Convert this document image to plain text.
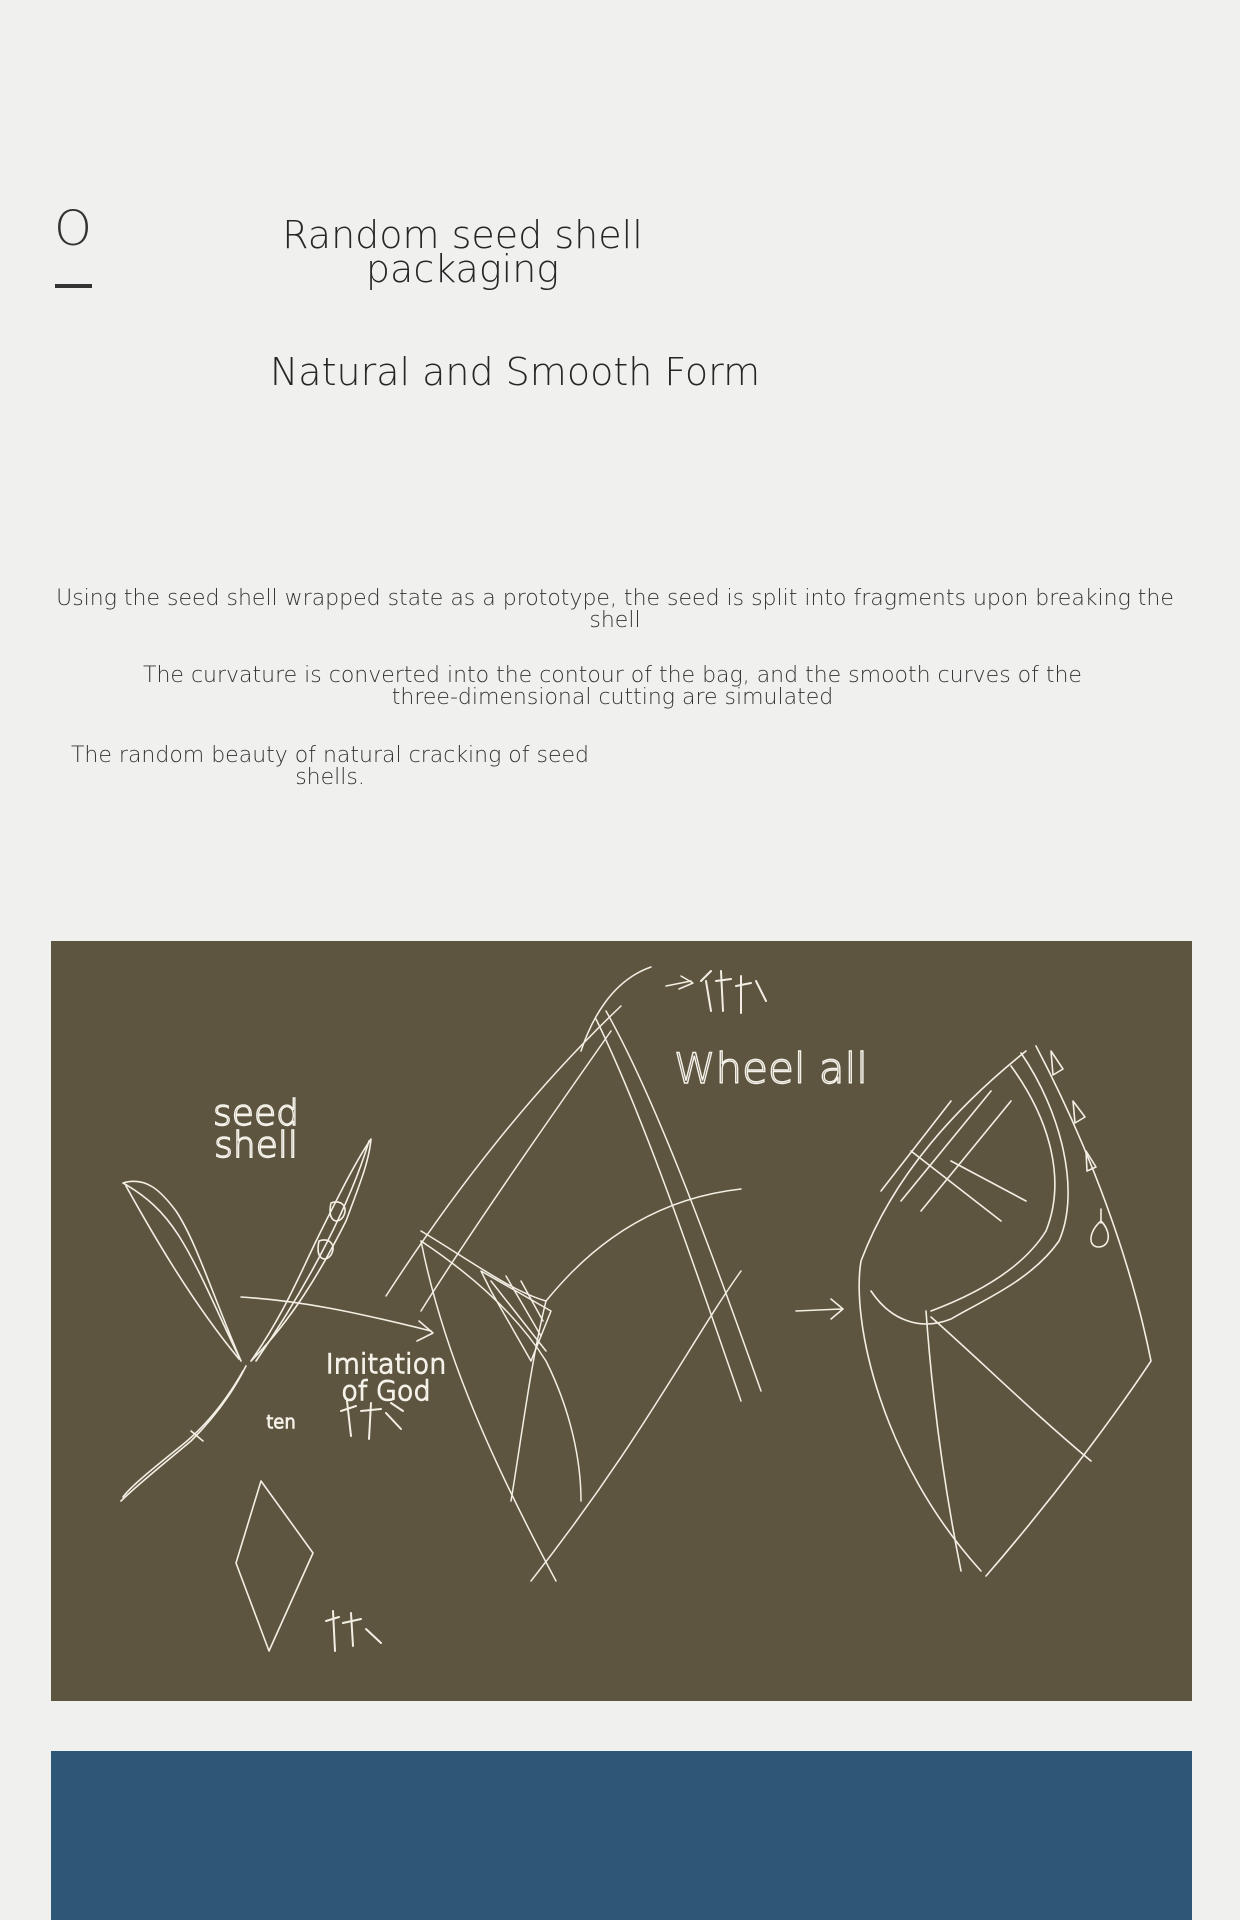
O	Random seed shell packaging
Natural and Smooth Form
Using the seed shell wrapped state as a prototype, the seed is split into fragments upon breaking the shell
The curvature is converted into the contour of the bag, and the smooth curves of the three-dimensional cutting are simulated
The random beauty of natural cracking of seed shells.
seed shell
Wheel all
Imitation of God
ten
